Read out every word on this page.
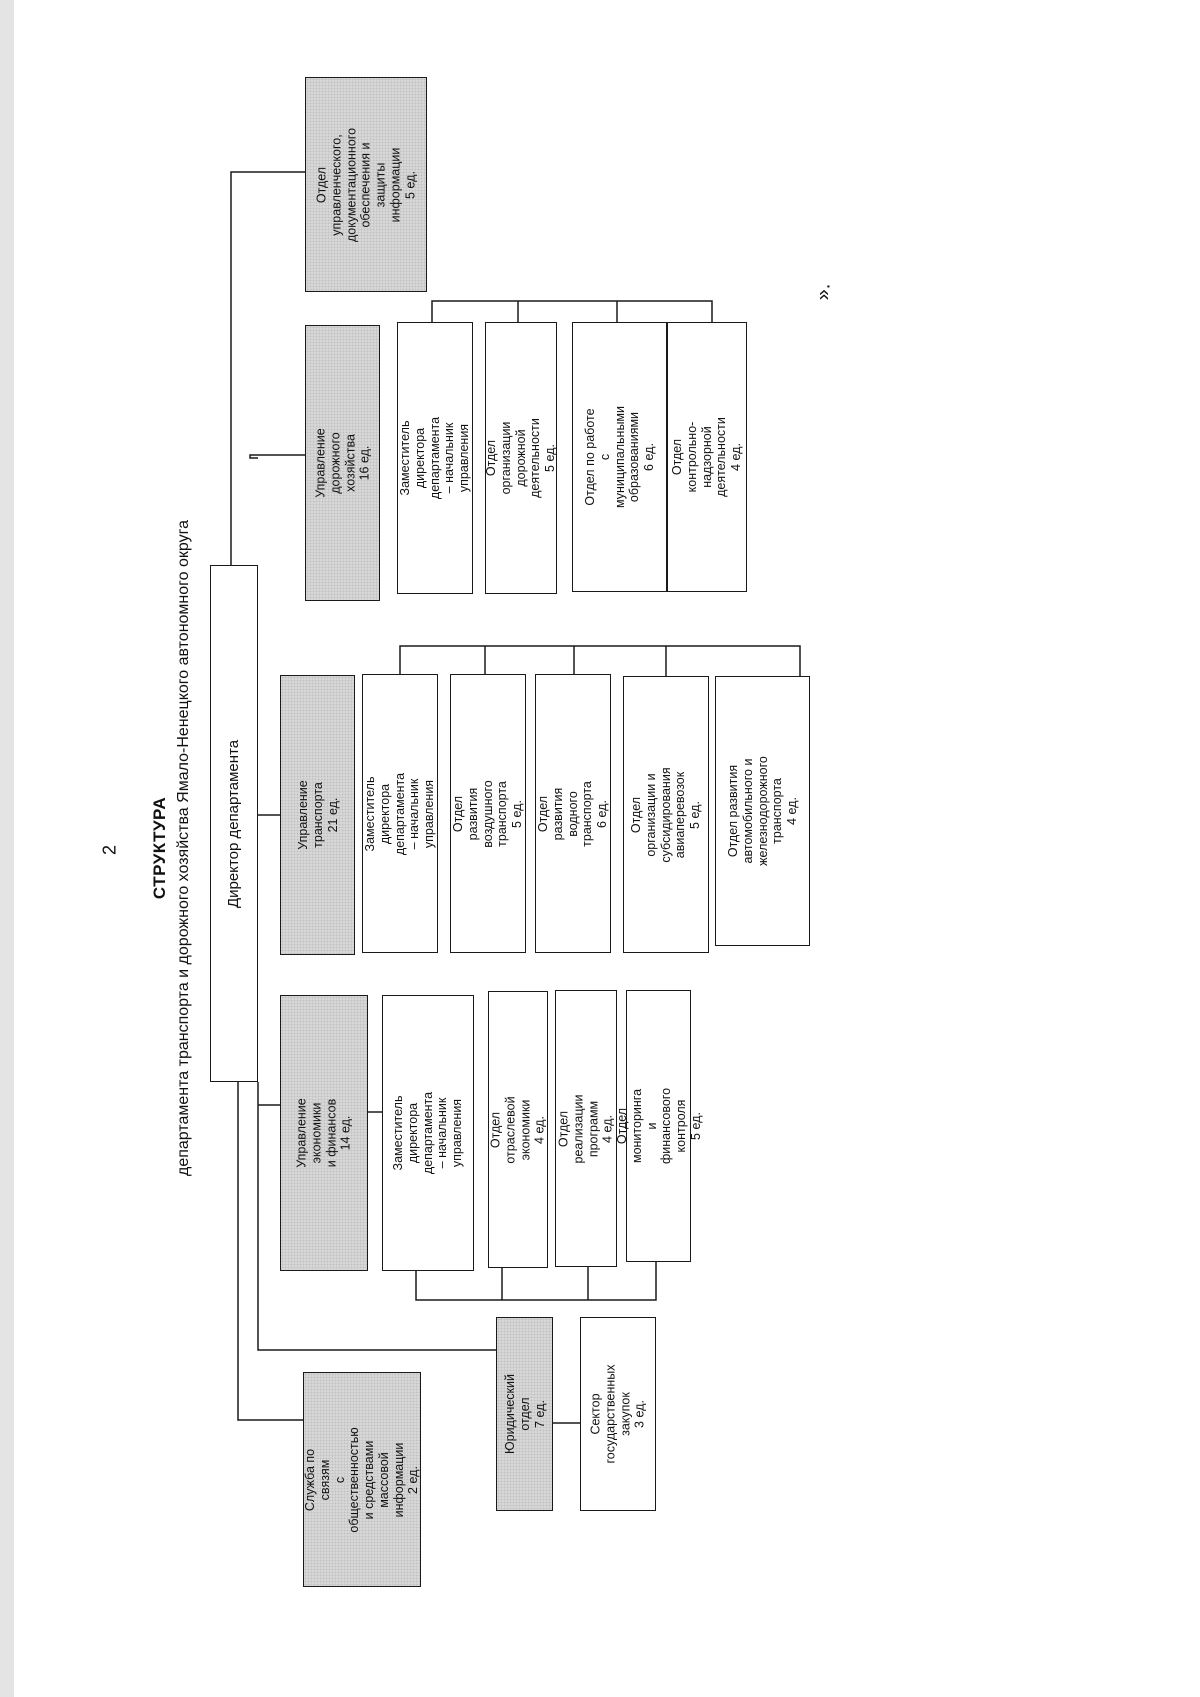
2 СТРУКТУРА департамента транспорта и дорожного хозяйства Ямало-Ненецкого автономного округа Директор департамента
Служба по связям с общественностью и средствами массовой информации 2 ед.
Юридический отдел 7 ед.	Сектор государственных закупок 3 ед.
Управление экономики и финансов 14 ед.	Заместитель директора департамента – начальник управления Отдел отраслевой экономики 4 ед. Отдел реализации программ 4 ед. Отдел мониторинга и финансового контроля 5 ед.
Управление транспорта 21 ед. Заместитель директора департамента – начальник управления Отдел развития воздушного транспорта 5 ед. Отдел развития водного транспорта 6 ед. Отдел организации и субсидирования авиаперевозок 5 ед. Отдел развития автомобильного и железнодорожного транспорта 4 ед.
Управление дорожного хозяйства 16 ед. Заместитель директора департамента – начальник управления Отдел организации дорожной деятельности 5 ед. Отдел по работе с муниципальными образованиями 6 ед. Отдел контрольно-надзорной деятельности 4 ед.
Отдел управленческого, документационного обеспечения и защиты информации 5 ед.
».
